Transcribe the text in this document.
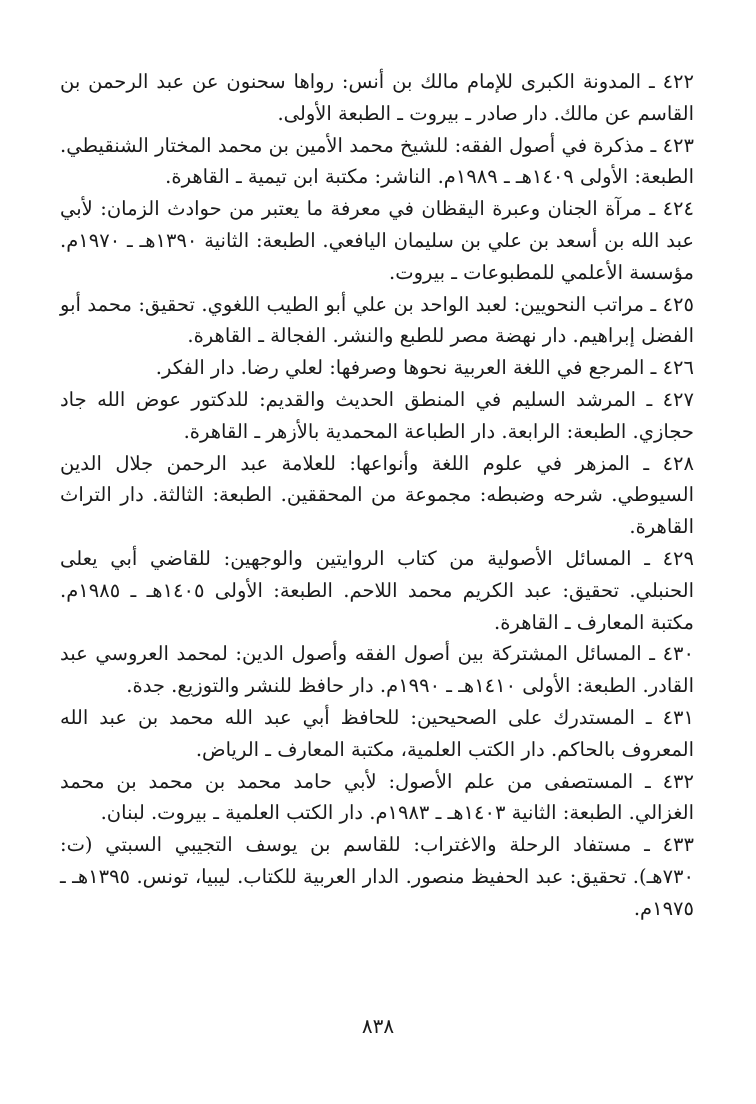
٤٢٢ ـ المدونة الكبرى للإمام مالك بن أنس: رواها سحنون عن عبد الرحمن بن القاسم عن مالك. دار صادر ـ بيروت ـ الطبعة الأولى.
٤٢٣ ـ مذكرة في أصول الفقه: للشيخ محمد الأمين بن محمد المختار الشنقيطي. الطبعة: الأولى ١٤٠٩هـ ـ ١٩٨٩م. الناشر: مكتبة ابن تيمية ـ القاهرة.
٤٢٤ ـ مرآة الجنان وعبرة اليقظان في معرفة ما يعتبر من حوادث الزمان: لأبي عبد الله بن أسعد بن علي بن سليمان اليافعي. الطبعة: الثانية ١٣٩٠هـ ـ ١٩٧٠م. مؤسسة الأعلمي للمطبوعات ـ بيروت.
٤٢٥ ـ مراتب النحويين: لعبد الواحد بن علي أبو الطيب اللغوي. تحقيق: محمد أبو الفضل إبراهيم. دار نهضة مصر للطبع والنشر. الفجالة ـ القاهرة.
٤٢٦ ـ المرجع في اللغة العربية نحوها وصرفها: لعلي رضا. دار الفكر.
٤٢٧ ـ المرشد السليم في المنطق الحديث والقديم: للدكتور عوض الله جاد حجازي. الطبعة: الرابعة. دار الطباعة المحمدية بالأزهر ـ القاهرة.
٤٢٨ ـ المزهر في علوم اللغة وأنواعها: للعلامة عبد الرحمن جلال الدين السيوطي. شرحه وضبطه: مجموعة من المحققين. الطبعة: الثالثة. دار التراث القاهرة.
٤٢٩ ـ المسائل الأصولية من كتاب الروايتين والوجهين: للقاضي أبي يعلى الحنبلي. تحقيق: عبد الكريم محمد اللاحم. الطبعة: الأولى ١٤٠٥هـ ـ ١٩٨٥م. مكتبة المعارف ـ القاهرة.
٤٣٠ ـ المسائل المشتركة بين أصول الفقه وأصول الدين: لمحمد العروسي عبد القادر. الطبعة: الأولى ١٤١٠هـ ـ ١٩٩٠م. دار حافظ للنشر والتوزيع. جدة.
٤٣١ ـ المستدرك على الصحيحين: للحافظ أبي عبد الله محمد بن عبد الله المعروف بالحاكم. دار الكتب العلمية، مكتبة المعارف ـ الرياض.
٤٣٢ ـ المستصفى من علم الأصول: لأبي حامد محمد بن محمد بن محمد الغزالي. الطبعة: الثانية ١٤٠٣هـ ـ ١٩٨٣م. دار الكتب العلمية ـ بيروت. لبنان.
٤٣٣ ـ مستفاد الرحلة والاغتراب: للقاسم بن يوسف التجيبي السبتي (ت: ٧٣٠هـ). تحقيق: عبد الحفيظ منصور. الدار العربية للكتاب. ليبيا، تونس. ١٣٩٥هـ ـ ١٩٧٥م.
٨٣٨
